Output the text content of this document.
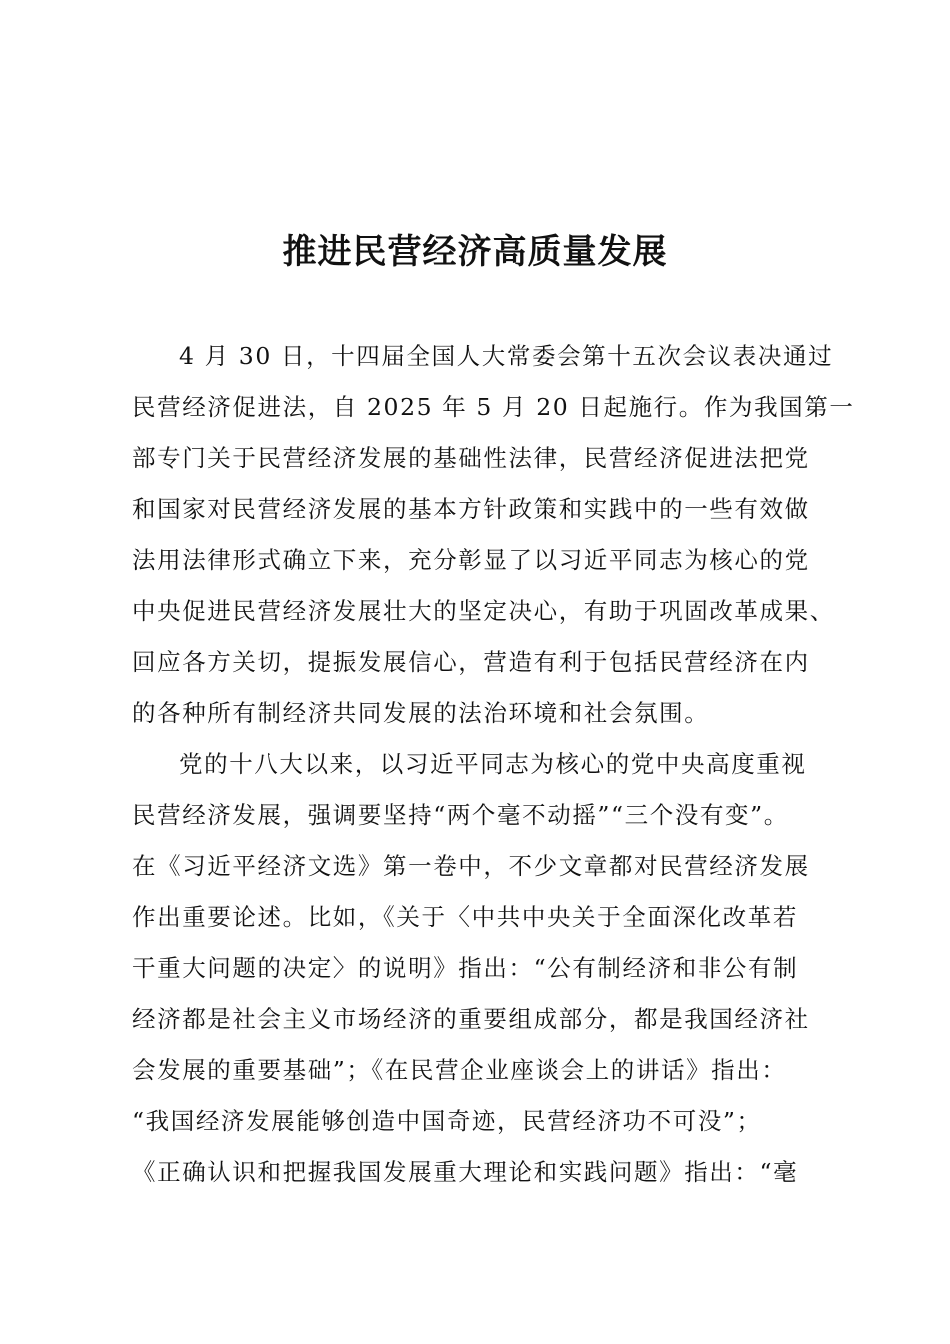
推进民营经济高质量发展
4 月 30 日，十四届全国人大常委会第十五次会议表决通过
民营经济促进法，自 2025 年 5 月 20 日起施行。作为我国第一
部专门关于民营经济发展的基础性法律，民营经济促进法把党
和国家对民营经济发展的基本方针政策和实践中的一些有效做
法用法律形式确立下来，充分彰显了以习近平同志为核心的党
中央促进民营经济发展壮大的坚定决心，有助于巩固改革成果、
回应各方关切，提振发展信心，营造有利于包括民营经济在内
的各种所有制经济共同发展的法治环境和社会氛围。
党的十八大以来，以习近平同志为核心的党中央高度重视
民营经济发展，强调要坚持“两个毫不动摇”“三个没有变”。
在《习近平经济文选》第一卷中，不少文章都对民营经济发展
作出重要论述。比如，《关于〈中共中央关于全面深化改革若
干重大问题的决定〉的说明》指出：“公有制经济和非公有制
经济都是社会主义市场经济的重要组成部分，都是我国经济社
会发展的重要基础”；《在民营企业座谈会上的讲话》指出：
“我国经济发展能够创造中国奇迹，民营经济功不可没”；
《正确认识和把握我国发展重大理论和实践问题》指出：“毫
